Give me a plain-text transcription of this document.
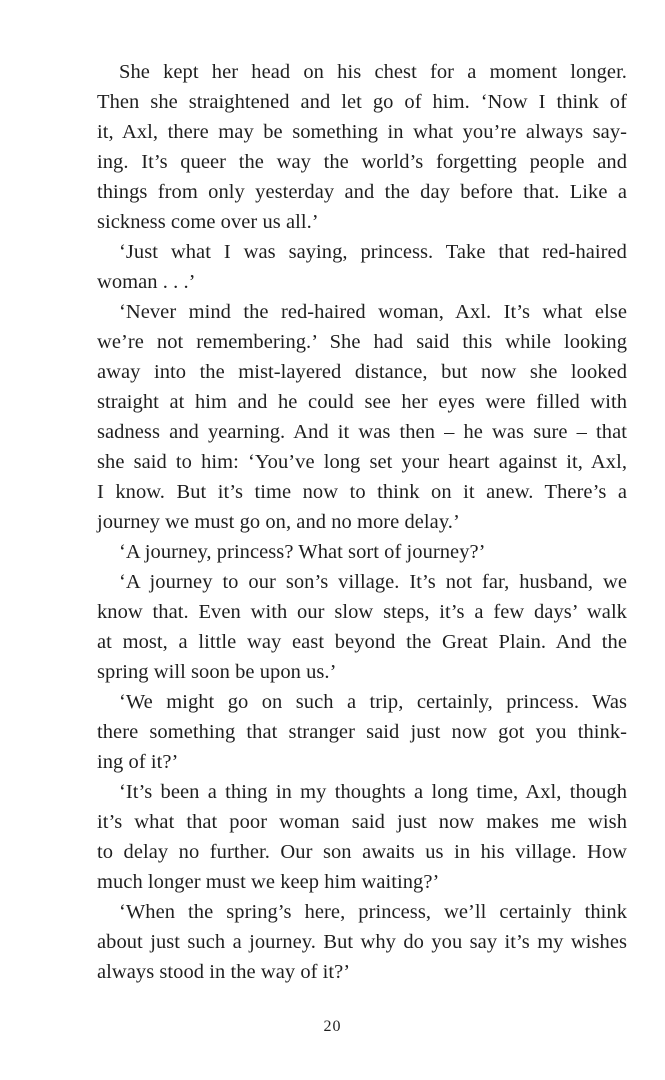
She kept her head on his chest for a moment longer.
Then she straightened and let go of him. ‘Now I think of
it, Axl, there may be something in what you’re always say-
ing. It’s queer the way the world’s forgetting people and
things from only yesterday and the day before that. Like a
sickness come over us all.’
‘Just what I was saying, princess. Take that red-haired
woman . . .’
‘Never mind the red-haired woman, Axl. It’s what else
we’re not remembering.’ She had said this while looking
away into the mist-layered distance, but now she looked
straight at him and he could see her eyes were filled with
sadness and yearning. And it was then – he was sure – that
she said to him: ‘You’ve long set your heart against it, Axl,
I know. But it’s time now to think on it anew. There’s a
journey we must go on, and no more delay.’
‘A journey, princess? What sort of journey?’
‘A journey to our son’s village. It’s not far, husband, we
know that. Even with our slow steps, it’s a few days’ walk
at most, a little way east beyond the Great Plain. And the
spring will soon be upon us.’
‘We might go on such a trip, certainly, princess. Was
there something that stranger said just now got you think-
ing of it?’
‘It’s been a thing in my thoughts a long time, Axl, though
it’s what that poor woman said just now makes me wish
to delay no further. Our son awaits us in his village. How
much longer must we keep him waiting?’
‘When the spring’s here, princess, we’ll certainly think
about just such a journey. But why do you say it’s my wishes
always stood in the way of it?’
20
